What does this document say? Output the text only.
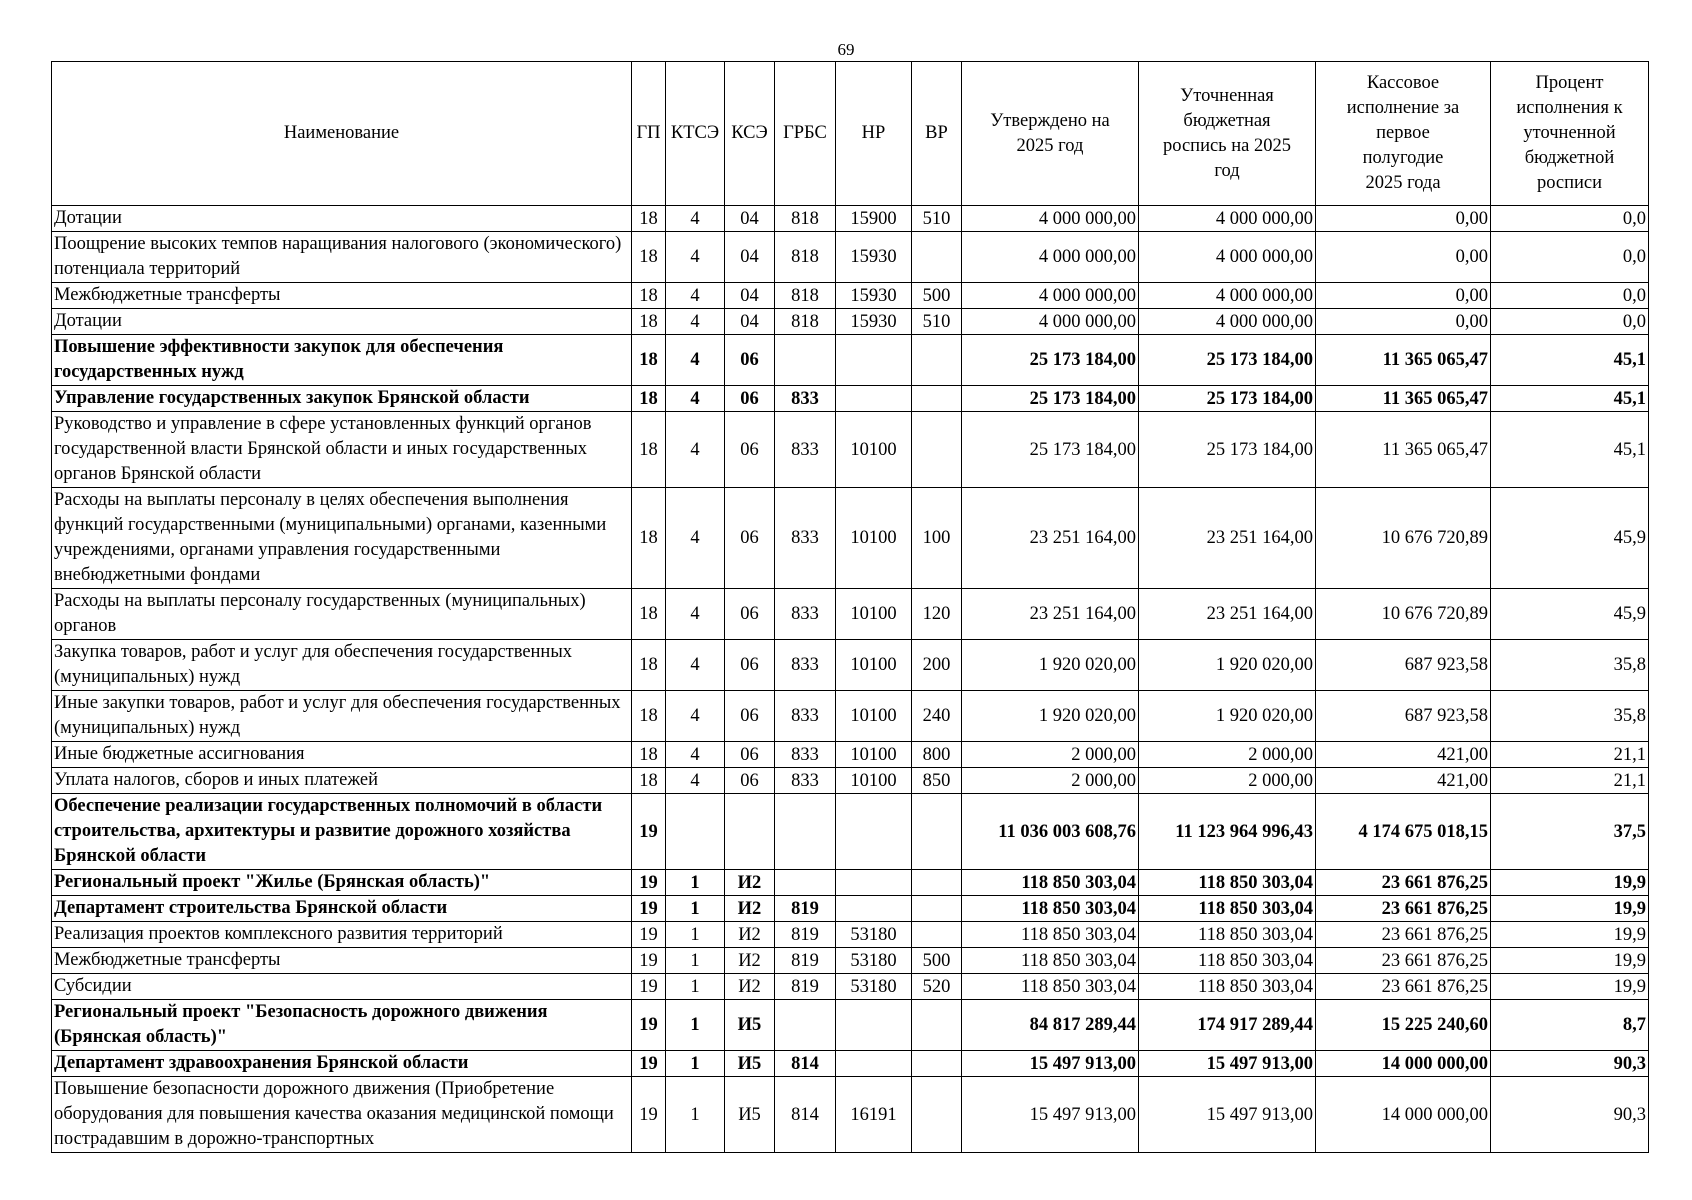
69
Наименование	ГП	КТСЭ	КСЭ	ГРБС	НР	ВР	Утверждено на 2025 год	Уточненная бюджетная роспись на 2025 год	Кассовое исполнение за первое полугодие 2025 года	Процент исполнения к уточненной бюджетной росписи
Дотации	18	4	04	818	15900	510	4 000 000,00	4 000 000,00	0,00	0,0
Поощрение высоких темпов наращивания налогового (экономического) потенциала территорий	18	4	04	818	15930		4 000 000,00	4 000 000,00	0,00	0,0
Межбюджетные трансферты	18	4	04	818	15930	500	4 000 000,00	4 000 000,00	0,00	0,0
Дотации	18	4	04	818	15930	510	4 000 000,00	4 000 000,00	0,00	0,0
Повышение эффективности закупок для обеспечения государственных нужд	18	4	06				25 173 184,00	25 173 184,00	11 365 065,47	45,1
Управление государственных закупок Брянской области	18	4	06	833			25 173 184,00	25 173 184,00	11 365 065,47	45,1
Руководство и управление в сфере установленных функций органов государственной власти Брянской области и иных государственных органов Брянской области	18	4	06	833	10100		25 173 184,00	25 173 184,00	11 365 065,47	45,1
Расходы на выплаты персоналу в целях обеспечения выполнения функций государственными (муниципальными) органами, казенными учреждениями, органами управления государственными внебюджетными фондами	18	4	06	833	10100	100	23 251 164,00	23 251 164,00	10 676 720,89	45,9
Расходы на выплаты персоналу государственных (муниципальных) органов	18	4	06	833	10100	120	23 251 164,00	23 251 164,00	10 676 720,89	45,9
Закупка товаров, работ и услуг для обеспечения государственных (муниципальных) нужд	18	4	06	833	10100	200	1 920 020,00	1 920 020,00	687 923,58	35,8
Иные закупки товаров, работ и услуг для обеспечения государственных (муниципальных) нужд	18	4	06	833	10100	240	1 920 020,00	1 920 020,00	687 923,58	35,8
Иные бюджетные ассигнования	18	4	06	833	10100	800	2 000,00	2 000,00	421,00	21,1
Уплата налогов, сборов и иных платежей	18	4	06	833	10100	850	2 000,00	2 000,00	421,00	21,1
Обеспечение реализации государственных полномочий в области строительства, архитектуры и развитие дорожного хозяйства Брянской области	19						11 036 003 608,76	11 123 964 996,43	4 174 675 018,15	37,5
Региональный проект "Жилье (Брянская область)"	19	1	И2				118 850 303,04	118 850 303,04	23 661 876,25	19,9
Департамент строительства Брянской области	19	1	И2	819			118 850 303,04	118 850 303,04	23 661 876,25	19,9
Реализация проектов комплексного развития территорий	19	1	И2	819	53180		118 850 303,04	118 850 303,04	23 661 876,25	19,9
Межбюджетные трансферты	19	1	И2	819	53180	500	118 850 303,04	118 850 303,04	23 661 876,25	19,9
Субсидии	19	1	И2	819	53180	520	118 850 303,04	118 850 303,04	23 661 876,25	19,9
Региональный проект "Безопасность дорожного движения (Брянская область)"	19	1	И5				84 817 289,44	174 917 289,44	15 225 240,60	8,7
Департамент здравоохранения Брянской области	19	1	И5	814			15 497 913,00	15 497 913,00	14 000 000,00	90,3
Повышение безопасности дорожного движения (Приобретение оборудования для повышения качества оказания медицинской помощи пострадавшим в дорожно-транспортных	19	1	И5	814	16191		15 497 913,00	15 497 913,00	14 000 000,00	90,3
